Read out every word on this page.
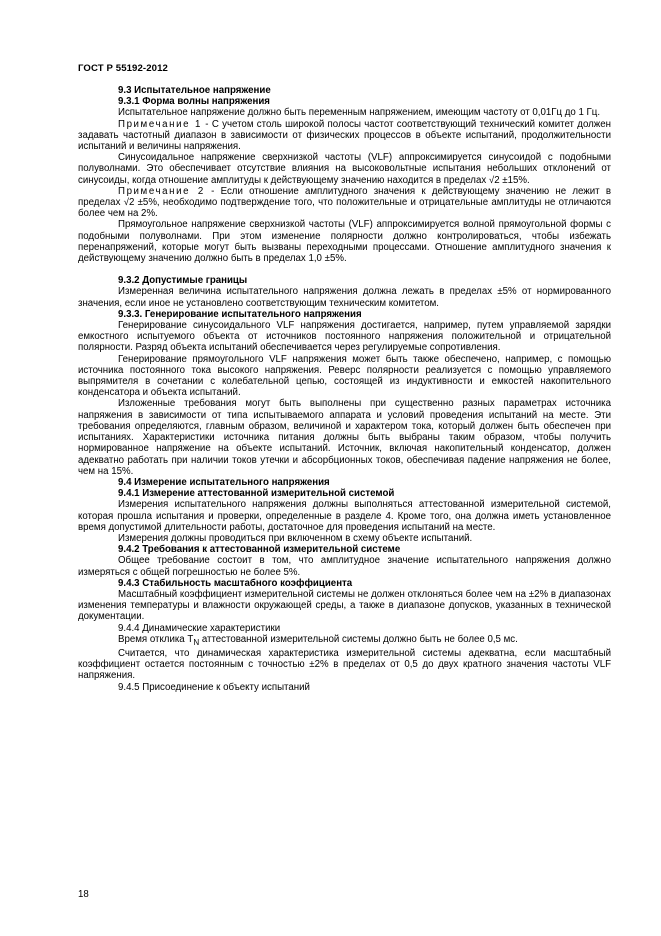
ГОСТ Р 55192-2012

9.3 Испытательное напряжение

9.3.1 Форма волны напряжения

Испытательное напряжение должно быть переменным напряжением, имеющим частоту от 0,01Гц до 1 Гц.

Примечание 1 - С учетом столь широкой полосы частот соответствующий технический комитет должен задавать частотный диапазон в зависимости от физических процессов в объекте испытаний, продолжительности испытаний и величины напряжения.

Синусоидальное напряжение сверхнизкой частоты (VLF) аппроксимируется синусоидой с подобными полуволнами. Это обеспечивает отсутствие влияния на высоковольтные испытания небольших отклонений от синусоиды, когда отношение амплитуды к действующему значению находится в пределах √2 ±15%.

Примечание 2 - Если отношение амплитудного значения к действующему значению не лежит в пределах √2 ±5%, необходимо подтверждение того, что положительные и отрицательные амплитуды не отличаются более чем на 2%.

Прямоугольное напряжение сверхнизкой частоты (VLF) аппроксимируется волной прямоугольной формы с подобными полуволнами. При этом изменение полярности должно контролироваться, чтобы избежать перенапряжений, которые могут быть вызваны переходными процессами. Отношение амплитудного значения к действующему значению должно быть в пределах 1,0 ±5%.

9.3.2 Допустимые границы

Измеренная величина испытательного напряжения должна лежать в пределах ±5% от нормированного значения, если иное не установлено соответствующим техническим комитетом.

9.3.3. Генерирование испытательного напряжения

Генерирование синусоидального VLF напряжения достигается, например, путем управляемой зарядки емкостного испытуемого объекта от источников постоянного напряжения положительной и отрицательной полярности. Разряд объекта испытаний обеспечивается через регулируемые сопротивления.

Генерирование прямоугольного VLF напряжения может быть также обеспечено, например, с помощью источника постоянного тока высокого напряжения. Реверс полярности реализуется с помощью управляемого выпрямителя в сочетании с колебательной цепью, состоящей из индуктивности и емкостей накопительного конденсатора и объекта испытаний.

Изложенные требования могут быть выполнены при существенно разных параметрах источника напряжения в зависимости от типа испытываемого аппарата и условий проведения испытаний на месте. Эти требования определяются, главным образом, величиной и характером тока, который должен быть обеспечен при испытаниях. Характеристики источника питания должны быть выбраны таким образом, чтобы получить нормированное напряжение на объекте испытаний. Источник, включая накопительный конденсатор, должен адекватно работать при наличии токов утечки и абсорбционных токов, обеспечивая падение напряжения не более, чем на 15%.

9.4 Измерение испытательного напряжения

9.4.1 Измерение аттестованной измерительной системой

Измерения испытательного напряжения должны выполняться аттестованной измерительной системой, которая прошла испытания и проверки, определенные в разделе 4. Кроме того, она должна иметь установленное время допустимой длительности работы, достаточное для проведения испытаний на месте.

Измерения должны проводиться при включенном в схему объекте испытаний.

9.4.2 Требования к аттестованной измерительной системе

Общее требование состоит в том, что амплитудное значение испытательного напряжения должно измеряться с общей погрешностью не более 5%.

9.4.3 Стабильность масштабного коэффициента

Масштабный коэффициент измерительной системы не должен отклоняться более чем на ±2% в диапазонах изменения температуры и влажности окружающей среды, а также в диапазоне допусков, указанных в технической документации.

9.4.4 Динамические характеристики

Время отклика $Т_N$ аттестованной измерительной системы должно быть не более 0,5 мс.

Считается, что динамическая характеристика измерительной системы адекватна, если масштабный коэффициент остается постоянным с точностью ±2% в пределах от 0,5 до двух кратного значения частоты VLF напряжения.

9.4.5 Присоединение к объекту испытаний

18
